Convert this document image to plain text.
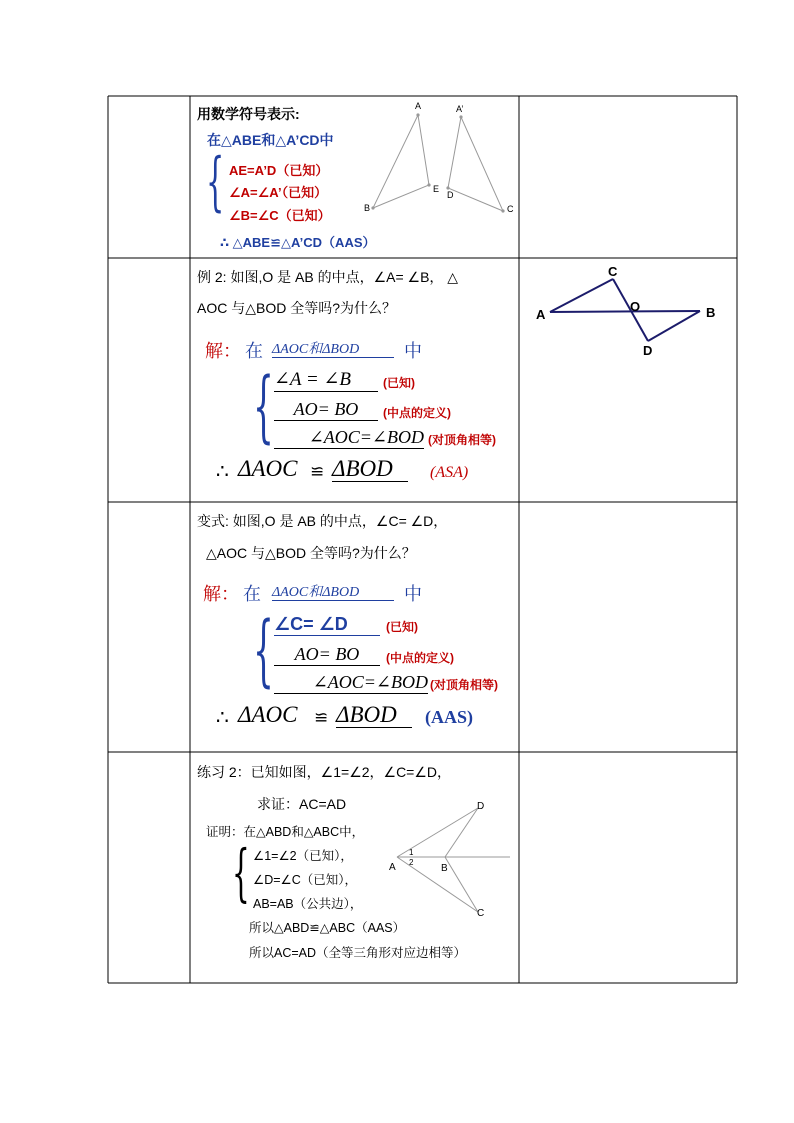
用数学符号表示:
在△ABE和△A’CD中
{ AE=A’D（已知）
∠A=∠A’（已知）
∠B=∠C（已知）
∴ △ABE≌△A’CD（AAS）
A	A’
E
D
B	C
例 2: 如图,O 是 AB 的中点，∠A= ∠B， △
AOC 与△BOD 全等吗?为什么？
解： 在 ΔAOC和ΔBOD	中
{ ∠A = ∠B	(已知)
AO= BO	(中点的定义)
∠AOC=∠BOD (对顶角相等)
∴ ΔAOC ≌ ΔBOD	(ASA)
C
A
O	B
D
变式: 如图,O 是 AB 的中点，∠C= ∠D，
△AOC 与△BOD 全等吗?为什么？
解： 在 ΔAOC和ΔBOD	中
{ ∠C= ∠D	(已知)
AO= BO	(中点的定义)
∠AOC=∠BOD (对顶角相等)
∴ ΔAOC ≌ ΔBOD	(AAS)
练习 2：已知如图，∠1=∠2，∠C=∠D，
求证：AC=AD
证明：在△ABD和△ABC中，
{ ∠1=∠2（已知），
∠D=∠C（已知），
AB=AB（公共边），
所以△ABD≌△ABC（AAS）
所以AC=AD（全等三角形对应边相等）
D
A	B
C
1
2
